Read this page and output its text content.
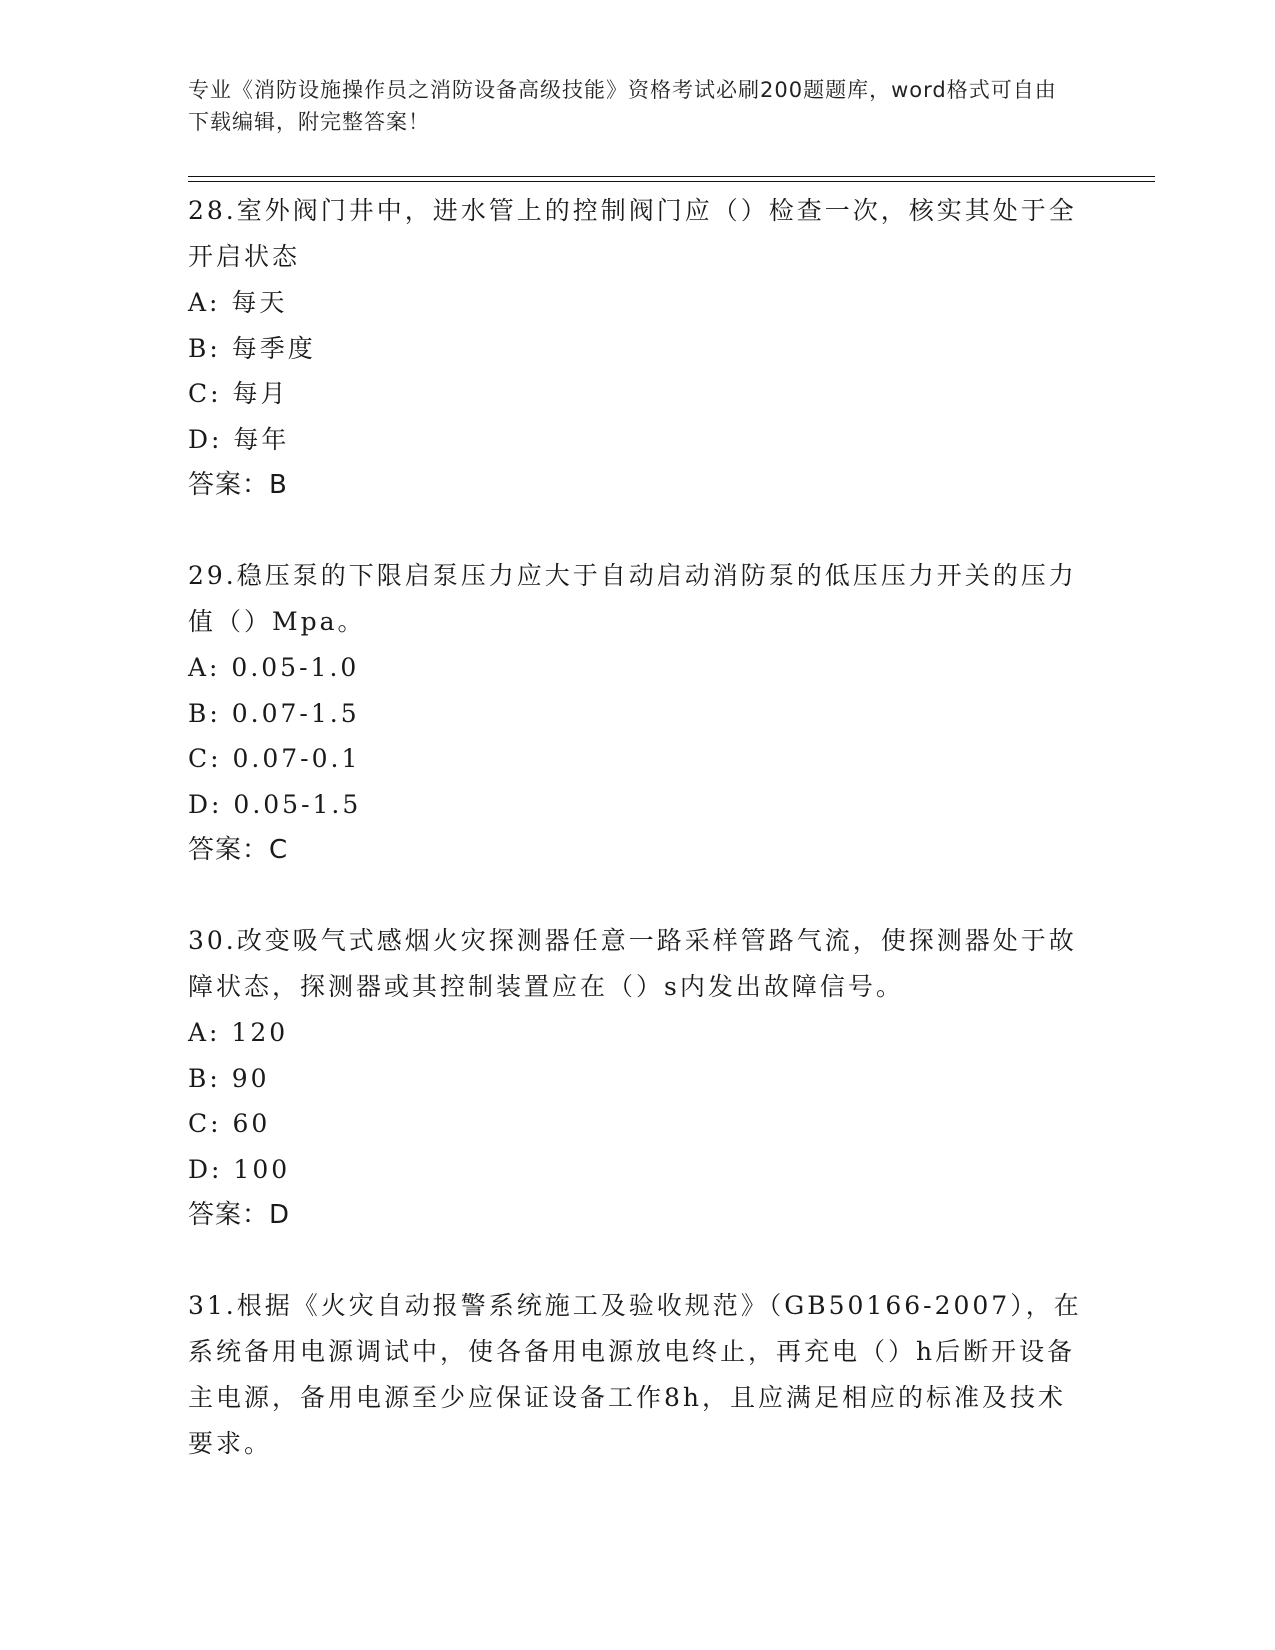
专业《消防设施操作员之消防设备高级技能》资格考试必刷200题题库，word格式可自由下载编辑，附完整答案！

28.室外阀门井中，进水管上的控制阀门应（）检查一次，核实其处于全开启状态

A: 每天

B: 每季度

C: 每月

D: 每年

答案：B

29.稳压泵的下限启泵压力应大于自动启动消防泵的低压压力开关的压力值（）Mpa。

A: 0.05-1.0

B: 0.07-1.5

C: 0.07-0.1

D: 0.05-1.5

答案：C

30.改变吸气式感烟火灾探测器任意一路采样管路气流，使探测器处于故障状态，探测器或其控制装置应在（）s内发出故障信号。

A: 120

B: 90

C: 60

D: 100

答案：D

31.根据《火灾自动报警系统施工及验收规范》（GB50166-2007），在系统备用电源调试中，使各备用电源放电终止，再充电（）h后断开设备主电源，备用电源至少应保证设备工作8h，且应满足相应的标准及技术要求。
